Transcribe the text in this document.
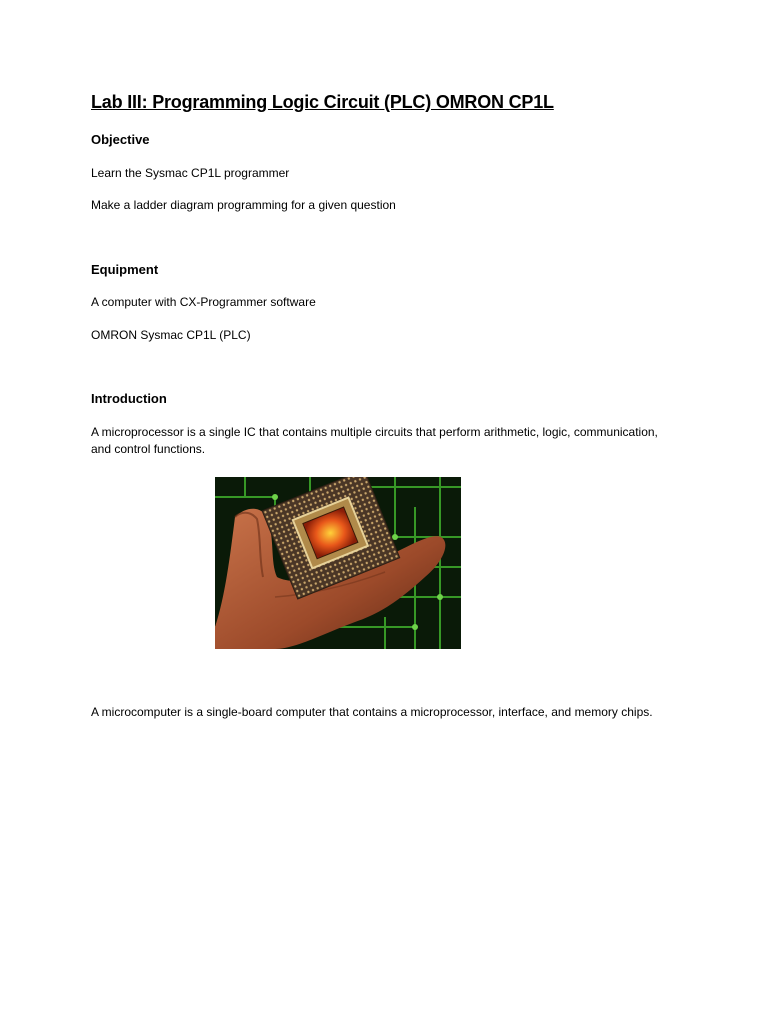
Lab III: Programming Logic Circuit (PLC) OMRON CP1L
Objective
Learn the Sysmac CP1L programmer
Make a ladder diagram programming for a given question
Equipment
A computer with CX-Programmer software
OMRON Sysmac CP1L (PLC)
Introduction
A microprocessor is a single IC that contains multiple circuits that perform arithmetic, logic, communication, and control functions.
A microcomputer is a single-board computer that contains a microprocessor, interface, and memory chips.
